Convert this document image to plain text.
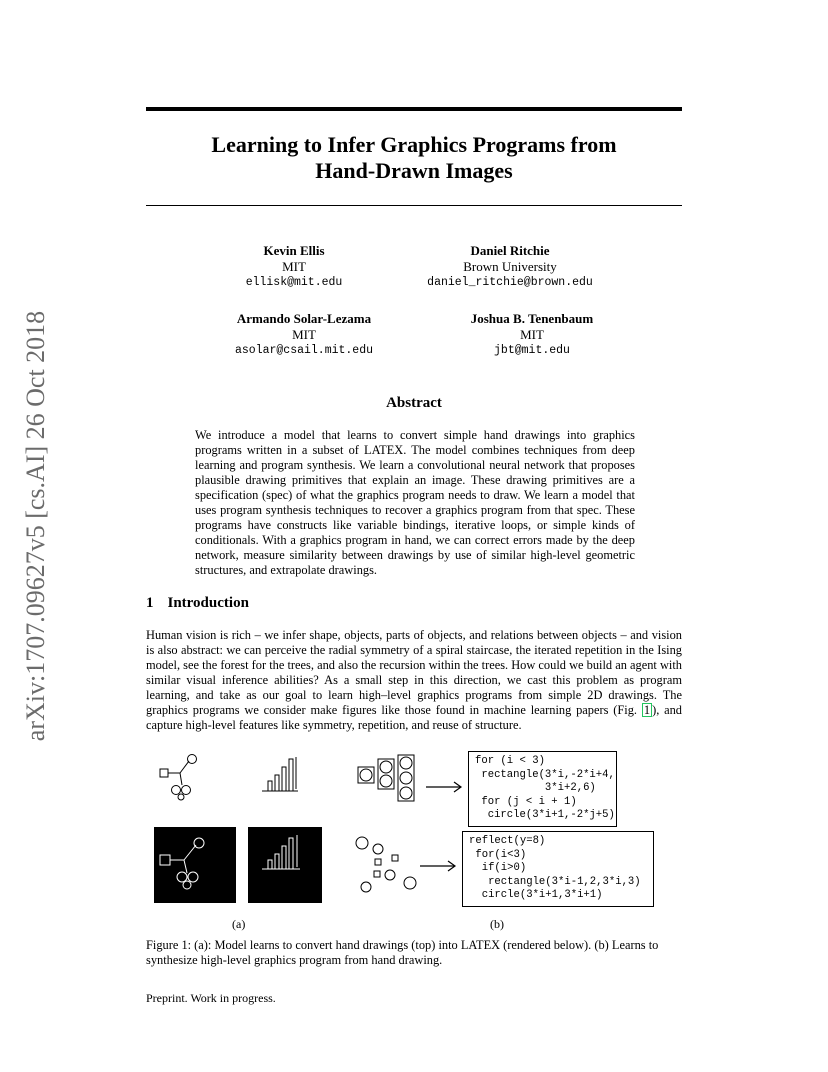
arXiv:1707.09627v5 [cs.AI] 26 Oct 2018
Learning to Infer Graphics Programs from
Hand-Drawn Images
Kevin Ellis
MIT
ellisk@mit.edu
Daniel Ritchie
Brown University
daniel_ritchie@brown.edu
Armando Solar-Lezama
MIT
asolar@csail.mit.edu
Joshua B. Tenenbaum
MIT
jbt@mit.edu
Abstract
We introduce a model that learns to convert simple hand drawings into graphics programs written in a subset of LATEX. The model combines techniques from deep learning and program synthesis. We learn a convolutional neural network that proposes plausible drawing primitives that explain an image. These drawing primitives are a specification (spec) of what the graphics program needs to draw. We learn a model that uses program synthesis techniques to recover a graphics program from that spec. These programs have constructs like variable bindings, iterative loops, or simple kinds of conditionals. With a graphics program in hand, we can correct errors made by the deep network, measure similarity between drawings by use of similar high-level geometric structures, and extrapolate drawings.
1 Introduction
Human vision is rich – we infer shape, objects, parts of objects, and relations between objects – and vision is also abstract: we can perceive the radial symmetry of a spiral staircase, the iterated repetition in the Ising model, see the forest for the trees, and also the recursion within the trees. How could we build an agent with similar visual inference abilities? As a small step in this direction, we cast this problem as program learning, and take as our goal to learn high–level graphics programs from simple 2D drawings. The graphics programs we consider make figures like those found in machine learning papers (Fig. 1 ), and capture high-level features like symmetry, repetition, and reuse of structure.
for (i < 3)
rectangle(3*i,-2*i+4,
3*i+2,6)
for (j < i + 1)
circle(3*i+1,-2*j+5)
reflect(y=8)
for(i<3)
if(i>0)
rectangle(3*i-1,2,3*i,3)
circle(3*i+1,3*i+1)
(a)	(b)
Figure 1: (a): Model learns to convert hand drawings (top) into LATEX (rendered below). (b) Learns to synthesize high-level graphics program from hand drawing.
Preprint. Work in progress.
